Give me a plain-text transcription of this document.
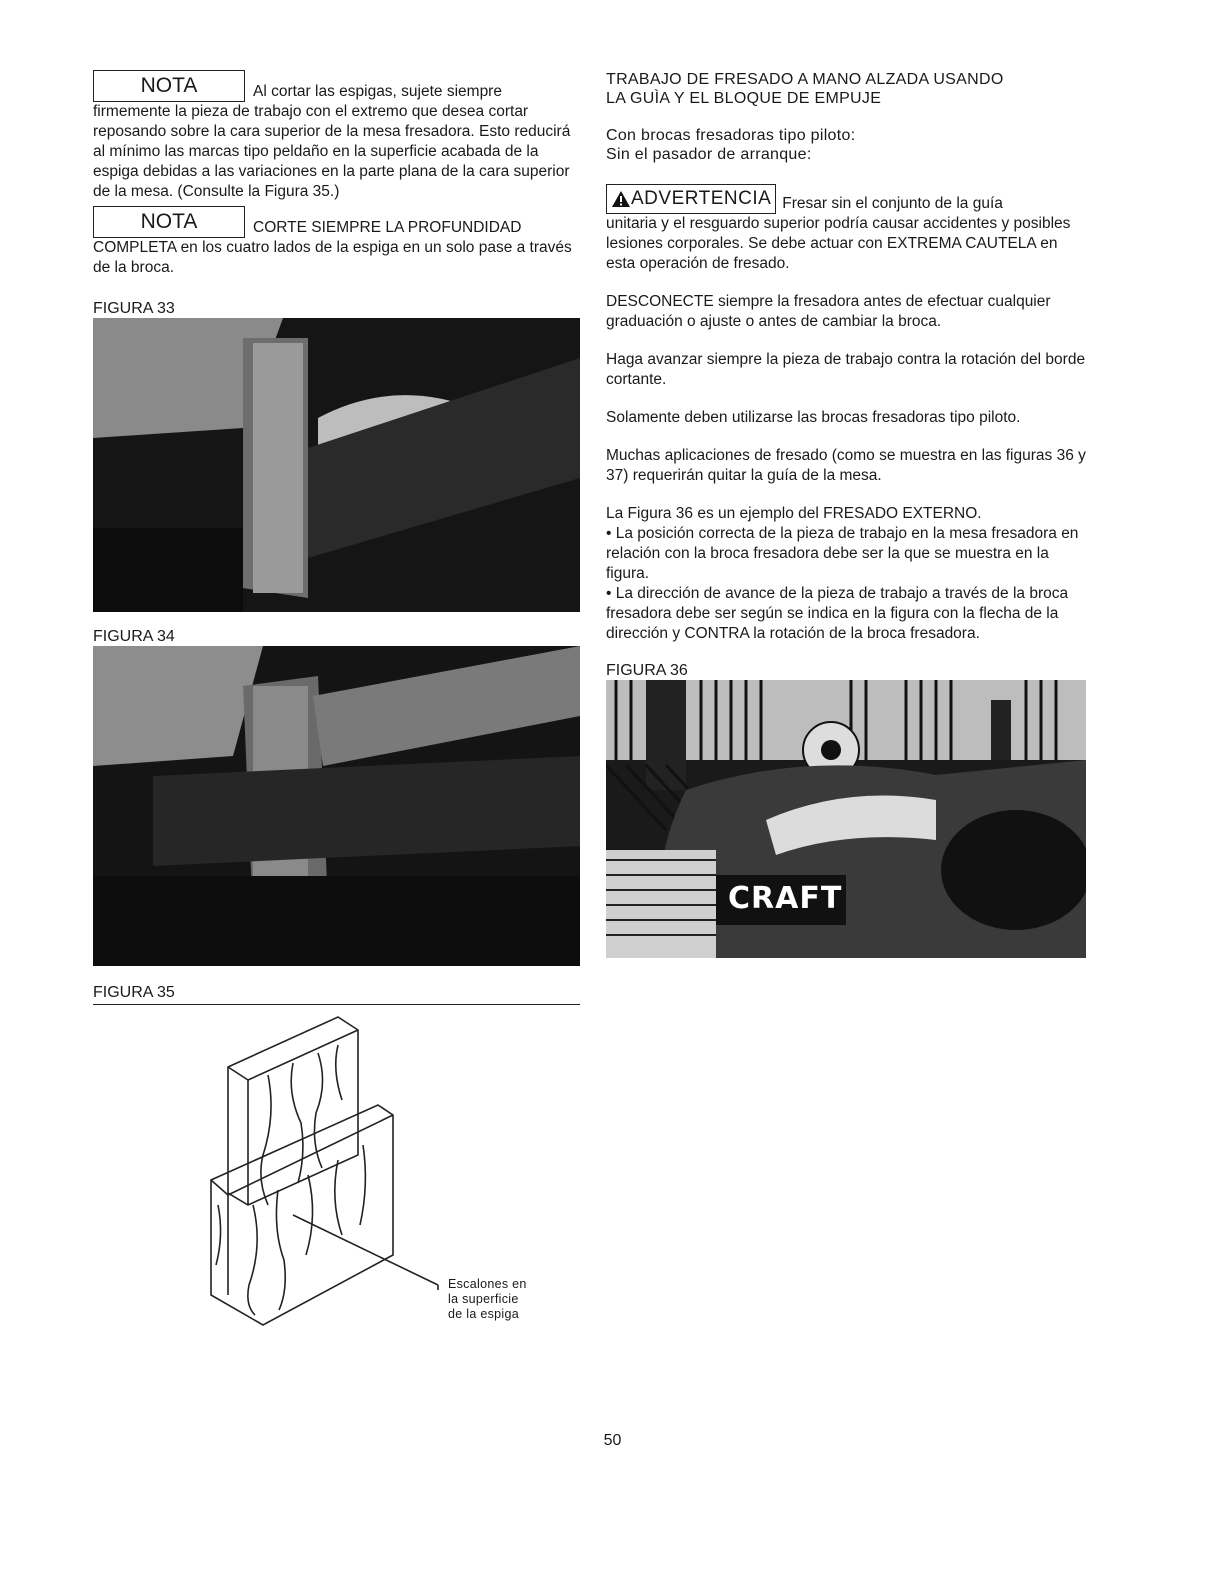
NOTA	Al cortar las espigas, sujete siempre

firmemente la pieza de trabajo con el extremo que desea cortar reposando sobre la cara superior de la mesa fresadora. Esto reducirá al mínimo las marcas tipo peldaño en la superficie acabada de la espiga debidas a las variaciones en la parte plana de la cara superior de la mesa. (Consulte la Figura 35.)

NOTA	CORTE SIEMPRE LA PROFUNDIDAD

COMPLETA en los cuatro lados de la espiga en un solo pase a través de la broca.

FIGURA 33

FIGURA 34

FIGURA 35

Escalones en
la superficie
de la espiga
TRABAJO DE FRESADO A MANO ALZADA USANDO
LA GUÌA Y EL BLOQUE DE EMPUJE
Con brocas fresadoras tipo piloto:
Sin el pasador de arranque:
ADVERTENCIA Fresar sin el conjunto de la guía

unitaria y el resguardo superior podría causar accidentes y posibles lesiones corporales. Se debe actuar con EXTREMA CAUTELA en esta operación de fresado.

DESCONECTE siempre la fresadora antes de efectuar cualquier graduación o ajuste o antes de cambiar la broca.

Haga avanzar siempre la pieza de trabajo contra la rotación del borde cortante.

Solamente deben utilizarse las brocas fresadoras tipo piloto.

Muchas aplicaciones de fresado (como se muestra en las figuras 36 y 37) requerirán quitar la guía de la mesa.

La Figura 36 es un ejemplo del FRESADO EXTERNO.

• La posición correcta de la pieza de trabajo en la mesa fresadora en relación con la broca fresadora debe ser la que se muestra en la figura.

• La dirección de avance de la pieza de trabajo a través de la broca fresadora debe ser según se indica en la figura con la flecha de la dirección y CONTRA la rotación de la broca fresadora.

FIGURA 36

CRAFT
50
